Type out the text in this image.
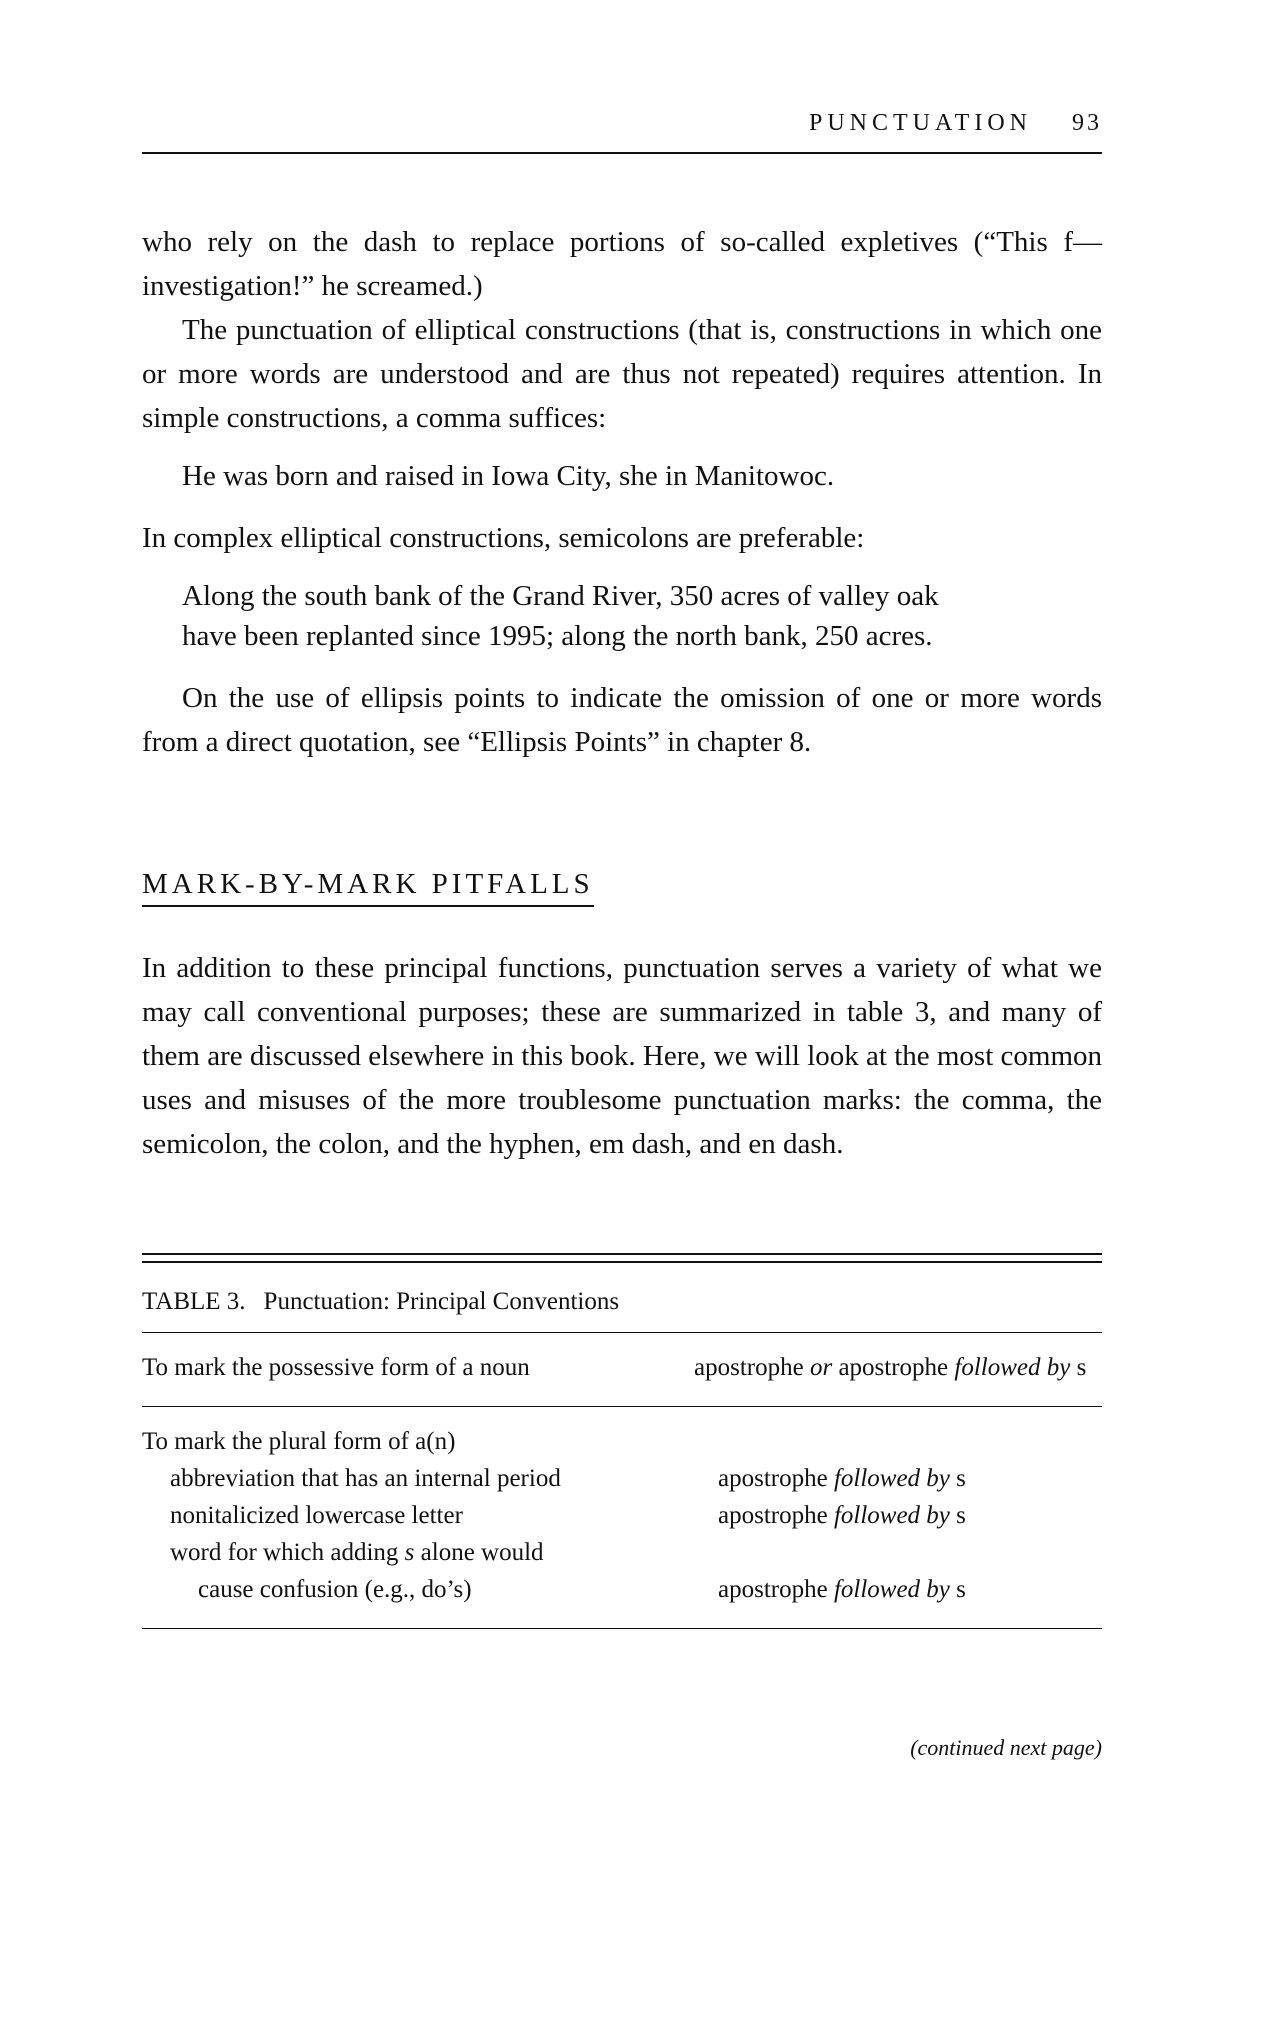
PUNCTUATION 93

who rely on the dash to replace portions of so-called expletives (“This f— investigation!” he screamed.)

The punctuation of elliptical constructions (that is, constructions in which one or more words are understood and are thus not repeated) requires attention. In simple constructions, a comma suffices:

He was born and raised in Iowa City, she in Manitowoc.

In complex elliptical constructions, semicolons are preferable:

Along the south bank of the Grand River, 350 acres of valley oak
have been replanted since 1995; along the north bank, 250 acres.

On the use of ellipsis points to indicate the omission of one or more words from a direct quotation, see “Ellipsis Points” in chapter 8.

MARK-BY-MARK PITFALLS

In addition to these principal functions, punctuation serves a variety of what we may call conventional purposes; these are summarized in table 3, and many of them are discussed elsewhere in this book. Here, we will look at the most common uses and misuses of the more troublesome punctuation marks: the comma, the semicolon, the colon, and the hyphen, em dash, and en dash.

TABLE 3. Punctuation: Principal Conventions
To mark the possessive form of a noun	apostrophe or apostrophe followed by s
To mark the plural form of a(n)
abbreviation that has an internal period
nonitalicized lowercase letter
word for which adding s alone would
cause confusion (e.g., do’s)

apostrophe followed by s
apostrophe followed by s

apostrophe followed by s
(continued next page)
